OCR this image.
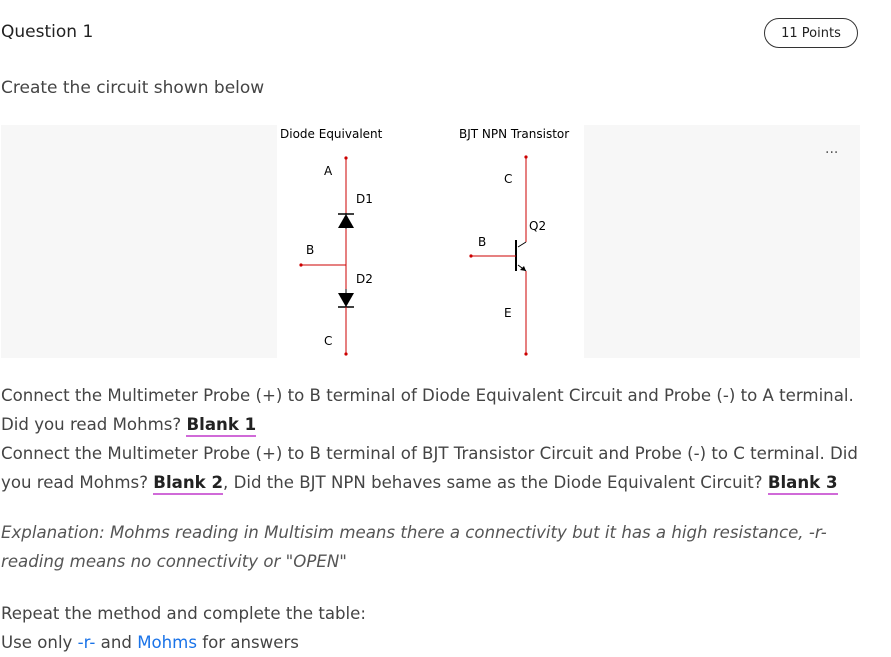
Question 1	11 Points
Create the circuit shown below
Diode Equivalent	BJT NPN Transistor
A
D1
B
D2
C
C
Q2
B
E
...

Connect the Multimeter Probe (+) to B terminal of Diode Equivalent Circuit and Probe (-) to A terminal. Did you read Mohms? Blank 1

Connect the Multimeter Probe (+) to B terminal of BJT Transistor Circuit and Probe (-) to C terminal. Did you read Mohms? Blank 2, Did the BJT NPN behaves same as the Diode Equivalent Circuit? Blank 3

Explanation: Mohms reading in Multisim means there a connectivity but it has a high resistance, -r- reading means no connectivity or "OPEN"
Repeat the method and complete the table:
Use only -r- and Mohms for answers
